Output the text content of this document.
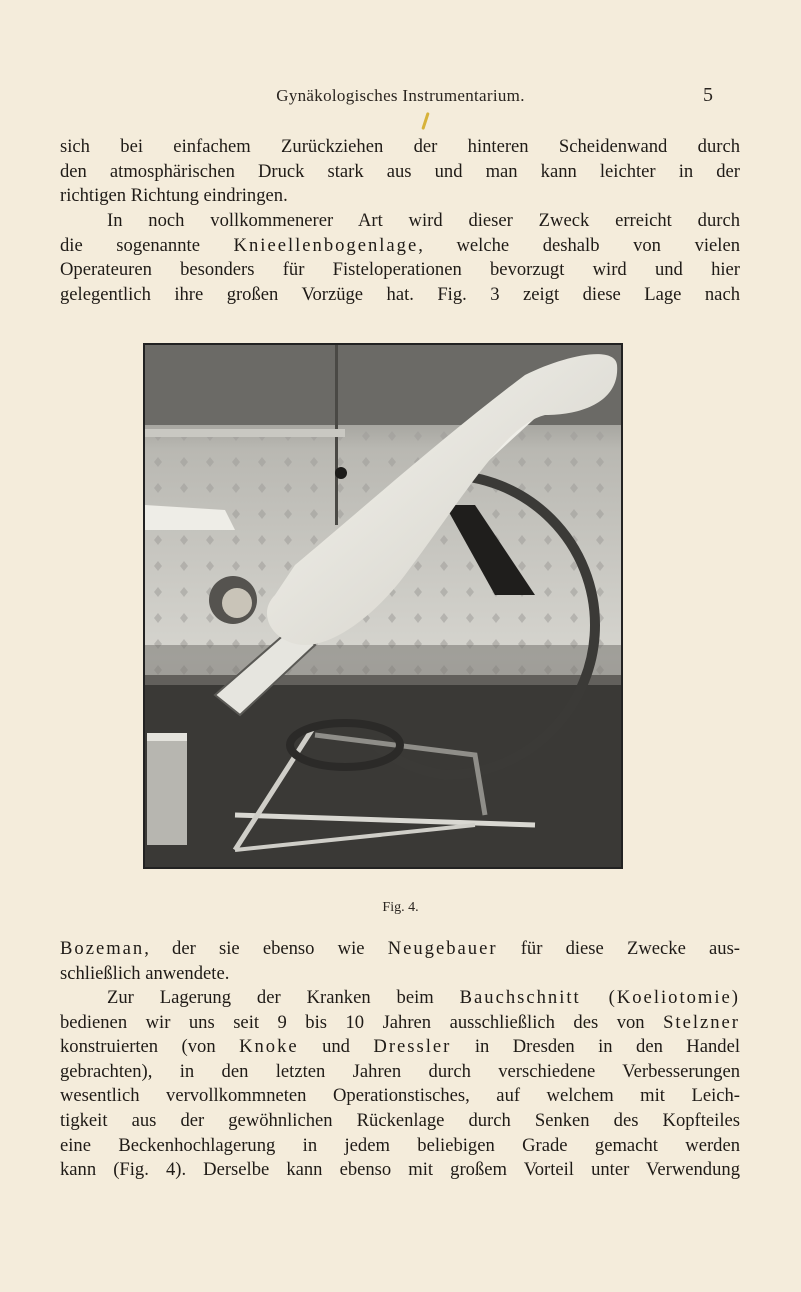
Gynäkologisches Instrumentarium.	5

sich bei einfachem Zurückziehen der hinteren Scheidenwand durch
den atmosphärischen Druck stark aus und man kann leichter in der
richtigen Richtung eindringen.

In noch vollkommenerer Art wird dieser Zweck erreicht durch
die sogenannte Knieellenbogenlage, welche deshalb von vielen
Operateuren besonders für Fisteloperationen bevorzugt wird und hier
gelegentlich ihre großen Vorzüge hat. Fig. 3 zeigt diese Lage nach

Fig. 4.

Bozeman, der sie ebenso wie Neugebauer für diese Zwecke aus-
schließlich anwendete.

Zur Lagerung der Kranken beim Bauchschnitt (Koeliotomie)
bedienen wir uns seit 9 bis 10 Jahren ausschließlich des von Stelzner
konstruierten (von Knoke und Dressler in Dresden in den Handel
gebrachten), in den letzten Jahren durch verschiedene Verbesserungen
wesentlich vervollkommneten Operationstisches, auf welchem mit Leich-
tigkeit aus der gewöhnlichen Rückenlage durch Senken des Kopfteiles
eine Beckenhochlagerung in jedem beliebigen Grade gemacht werden
kann (Fig. 4). Derselbe kann ebenso mit großem Vorteil unter Verwendung
